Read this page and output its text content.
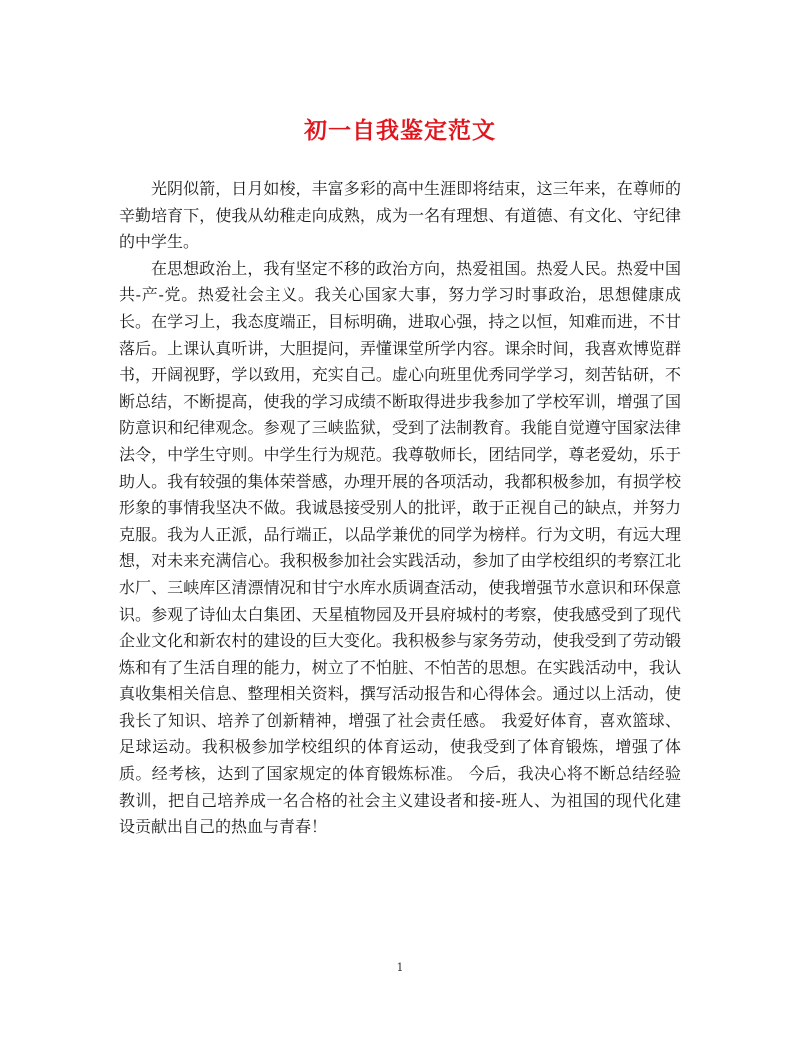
初一自我鉴定范文

光阴似箭，日月如梭，丰富多彩的高中生涯即将结束，这三年来，在尊师的辛勤培育下，使我从幼稚走向成熟，成为一名有理想、有道德、有文化、守纪律的中学生。

在思想政治上，我有坚定不移的政治方向，热爱祖国。热爱人民。热爱中国共-产-党。热爱社会主义。我关心国家大事，努力学习时事政治，思想健康成长。在学习上，我态度端正，目标明确，进取心强，持之以恒，知难而进，不甘落后。上课认真听讲，大胆提问，弄懂课堂所学内容。课余时间，我喜欢博览群书，开阔视野，学以致用，充实自己。虚心向班里优秀同学学习，刻苦钻研，不断总结，不断提高，使我的学习成绩不断取得进步我参加了学校军训，增强了国防意识和纪律观念。参观了三峡监狱，受到了法制教育。我能自觉遵守国家法律法令，中学生守则。中学生行为规范。我尊敬师长，团结同学，尊老爱幼，乐于助人。我有较强的集体荣誉感，办理开展的各项活动，我都积极参加，有损学校形象的事情我坚决不做。我诚恳接受别人的批评，敢于正视自己的缺点，并努力克服。我为人正派，品行端正，以品学兼优的同学为榜样。行为文明，有远大理想，对未来充满信心。我积极参加社会实践活动，参加了由学校组织的考察江北水厂、三峡库区清漂情况和甘宁水库水质调查活动，使我增强节水意识和环保意识。参观了诗仙太白集团、天星植物园及开县府城村的考察，使我感受到了现代企业文化和新农村的建设的巨大变化。我积极参与家务劳动，使我受到了劳动锻炼和有了生活自理的能力，树立了不怕脏、不怕苦的思想。在实践活动中，我认真收集相关信息、整理相关资料，撰写活动报告和心得体会。通过以上活动，使我长了知识、培养了创新精神，增强了社会责任感。 我爱好体育，喜欢篮球、足球运动。我积极参加学校组织的体育运动，使我受到了体育锻炼，增强了体质。经考核，达到了国家规定的体育锻炼标准。 今后，我决心将不断总结经验教训，把自己培养成一名合格的社会主义建设者和接-班人、为祖国的现代化建设贡献出自己的热血与青春！

1
